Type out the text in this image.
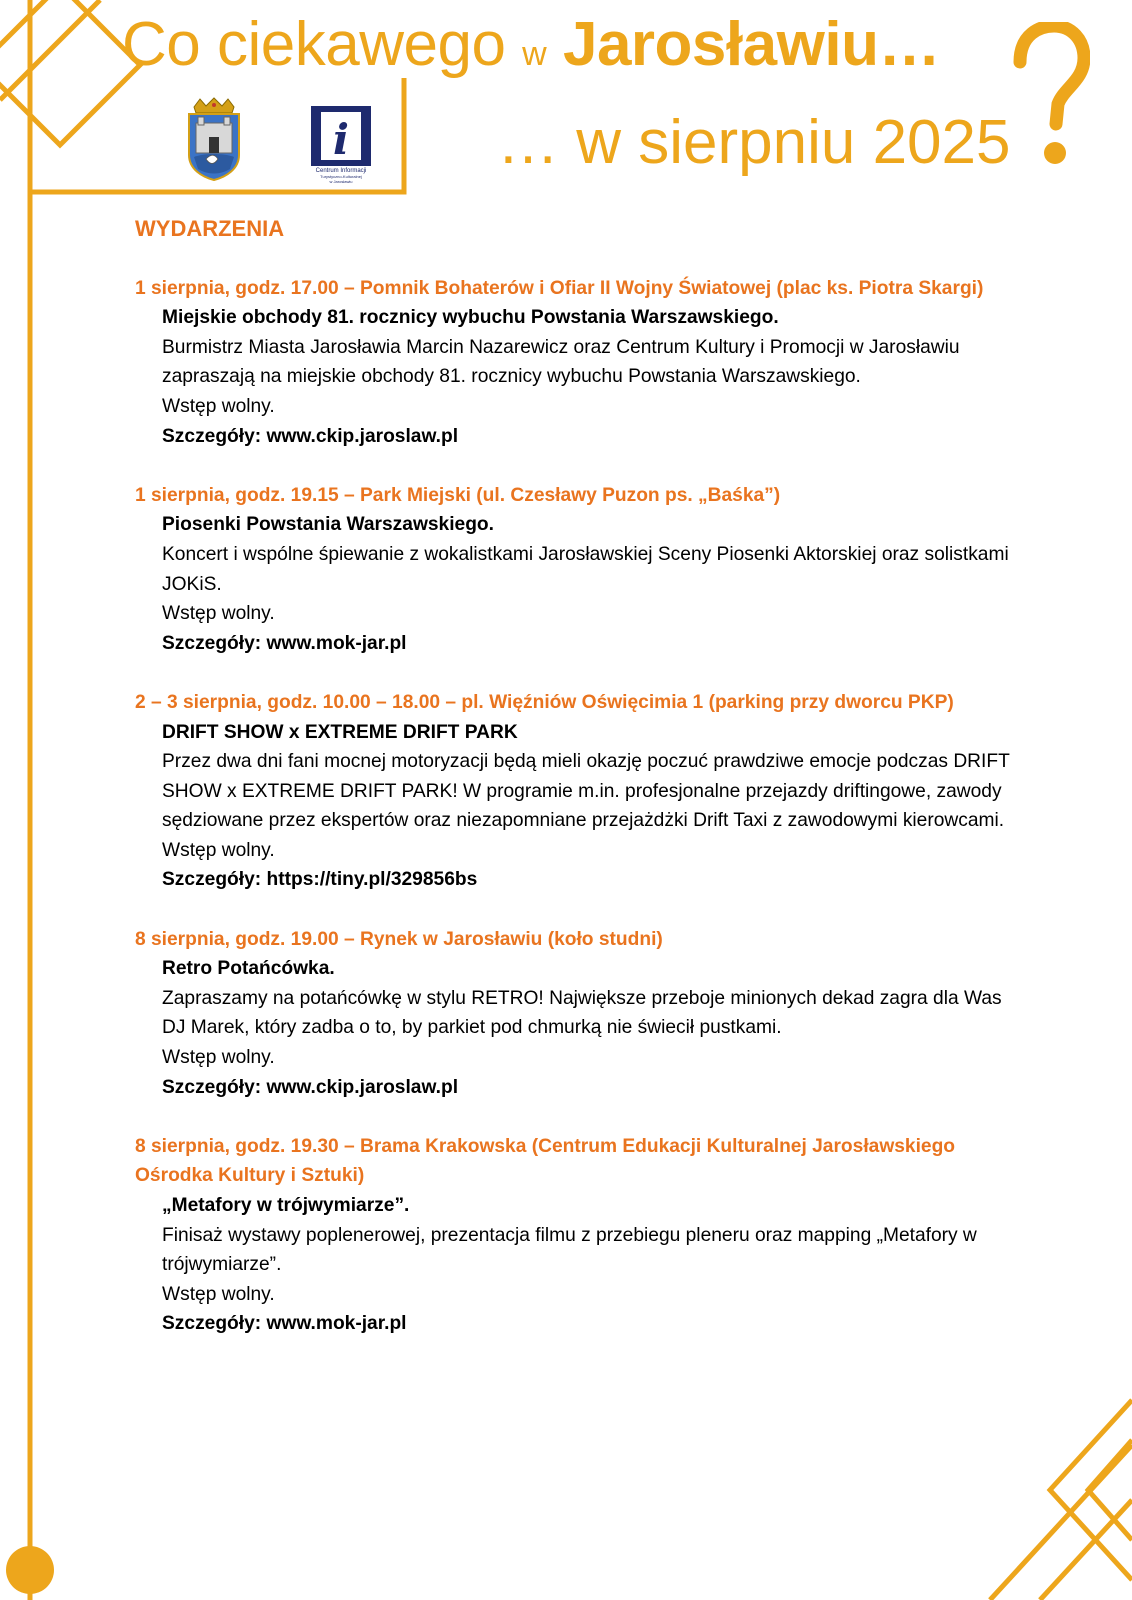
Co ciekawego w Jarosławiu…
… w sierpniu 2025
i
Centrum Informacji
Turystyczno-Kulturalnej
w Jarosławiu
WYDARZENIA
1 sierpnia, godz. 17.00 – Pomnik Bohaterów i Ofiar II Wojny Światowej (plac ks. Piotra Skargi)
Miejskie obchody 81. rocznicy wybuchu Powstania Warszawskiego.
Burmistrz Miasta Jarosławia Marcin Nazarewicz oraz Centrum Kultury i Promocji w Jarosławiu zapraszają na miejskie obchody 81. rocznicy wybuchu Powstania Warszawskiego.
Wstęp wolny.
Szczegóły: www.ckip.jaroslaw.pl
1 sierpnia, godz. 19.15 – Park Miejski (ul. Czesławy Puzon ps. „Baśka”)
Piosenki Powstania Warszawskiego.
Koncert i wspólne śpiewanie z wokalistkami Jarosławskiej Sceny Piosenki Aktorskiej oraz solistkami JOKiS.
Wstęp wolny.
Szczegóły: www.mok-jar.pl
2 – 3 sierpnia, godz. 10.00 – 18.00 – pl. Więźniów Oświęcimia 1 (parking przy dworcu PKP)
DRIFT SHOW x EXTREME DRIFT PARK
Przez dwa dni fani mocnej motoryzacji będą mieli okazję poczuć prawdziwe emocje podczas DRIFT SHOW x EXTREME DRIFT PARK! W programie m.in. profesjonalne przejazdy driftingowe, zawody sędziowane przez ekspertów oraz niezapomniane przejażdżki Drift Taxi z zawodowymi kierowcami.
Wstęp wolny.
Szczegóły: https://tiny.pl/329856bs
8 sierpnia, godz. 19.00 – Rynek w Jarosławiu (koło studni)
Retro Potańcówka.
Zapraszamy na potańcówkę w stylu RETRO! Największe przeboje minionych dekad zagra dla Was DJ Marek, który zadba o to, by parkiet pod chmurką nie świecił pustkami.
Wstęp wolny.
Szczegóły: www.ckip.jaroslaw.pl
8 sierpnia, godz. 19.30 – Brama Krakowska (Centrum Edukacji Kulturalnej Jarosławskiego Ośrodka Kultury i Sztuki)
„Metafory w trójwymiarze”.
Finisaż wystawy poplenerowej, prezentacja filmu z przebiegu pleneru oraz mapping „Metafory w trójwymiarze”.
Wstęp wolny.
Szczegóły: www.mok-jar.pl
